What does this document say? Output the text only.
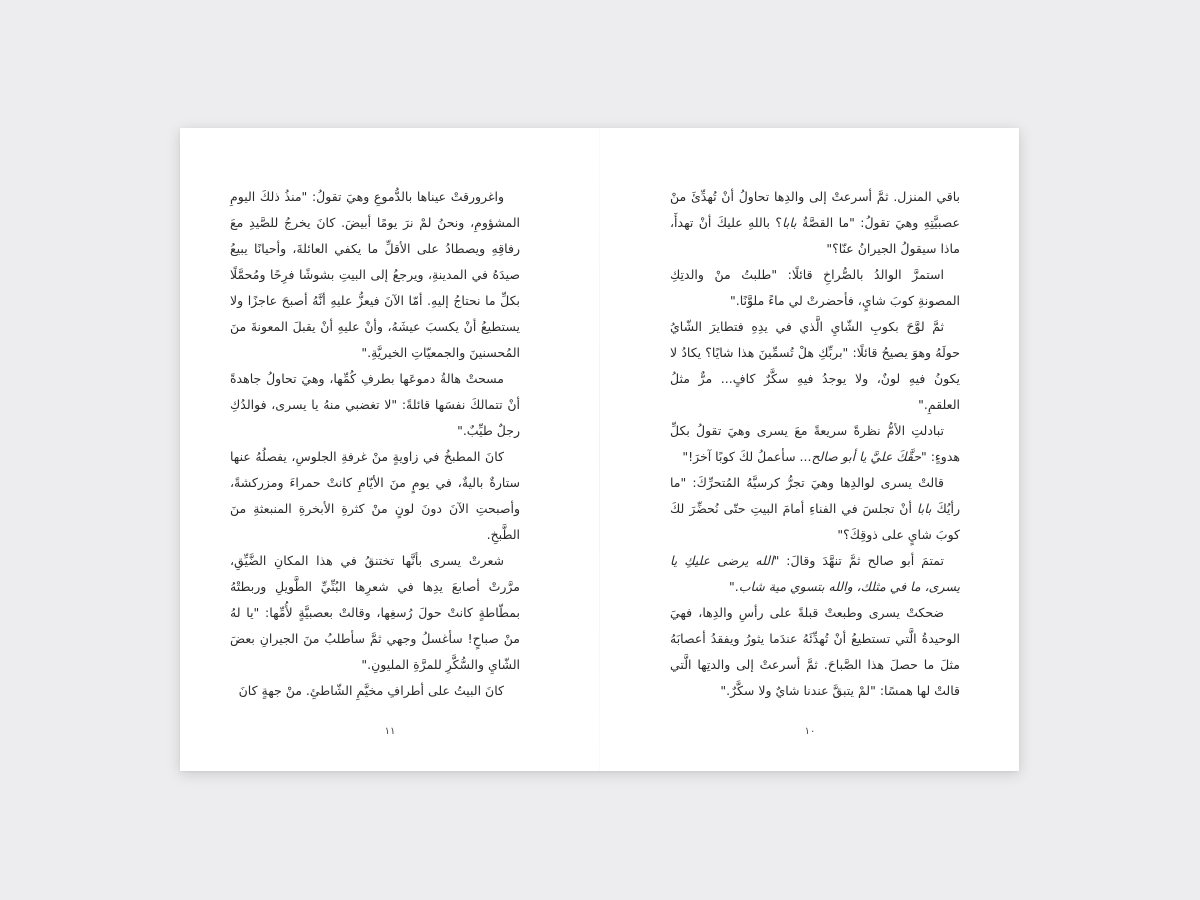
واغرورقتْ عيناها بالدُّموعِ وهيَ تقولُ: "منذُ ذلكَ اليومِ المشؤومِ، ونحنُ لمْ نرَ يومًا أبيضَ. كانَ يخرجُ للصَّيدِ معَ رفاقِهِ ويصطادُ على الأقلِّ ما يكفي العائلةَ، وأحيانًا يبيعُ صيدَهُ في المدينةِ، ويرجعُ إلى البيتِ بشوشًا فرِحًا ومُحمَّلًا بكلِّ ما نحتاجُ إليهِ. أمّا الآنَ فيعزُّ عليهِ أنَّهُ أصبحَ عاجزًا ولا يستطيعُ أنْ يكسبَ عيشَهُ، وأنْ عليهِ أنْ يقبلَ المعونةَ منَ المُحسنينَ والجمعيّاتِ الخيريَّةِ."

مسحتْ هالةُ دموعَها بطرفِ كُمِّها، وهيَ تحاولُ جاهدةً أنْ تتمالكَ نفسَها قائلةً: "لا تغضبي منهُ يا يسرى، فوالدُكِ رجلٌ طيِّبٌ."

كانَ المطبخُ في زاويةٍ منْ غرفةِ الجلوسِ، يفصلُهُ عنها ستارةٌ باليةٌ، في يومٍ منَ الأيّامِ كانتْ حمراءَ ومزركشةً، وأصبحتِ الآنَ دونَ لونٍ منْ كثرةِ الأبخرةِ المنبعثةِ منَ الطَّبخِ.

شعرتْ يسرى بأنَّها تختنقُ في هذا المكانِ الضَّيِّقِ، مرَّرتْ أصابعَ يدِها في شعرِها البُنِّيِّ الطَّويلِ وربطتْهُ بمطّاطةٍ كانتْ حولَ رُسغِها، وقالتْ بعصبيَّةٍ لأُمِّها: "يا لهُ منْ صباحٍ! سأغسلُ وجهي ثمَّ سأطلبُ منَ الجيرانِ بعضَ الشّايِ والسُّكَّرِ للمرَّةِ المليونِ."

كانَ البيتُ على أطرافِ مخيَّمِ الشّاطئِ. منْ جهةٍ كانَ

باقي المنزل. ثمَّ أسرعتْ إلى والدِها تحاولُ أنْ تُهدِّئَ منْ عصبيَّتِهِ وهيَ تقولُ: "ما القصَّةُ بابا؟ باللهِ عليكَ أنْ تهدأَ، ماذا سيقولُ الجيرانُ عنّا؟"

استمرَّ الوالدُ بالصُّراخِ قائلًا: "طلبتُ منْ والدتِكِ المصونةِ كوبَ شايٍ، فأحضرتْ لي ماءً ملوَّنًا."

ثمَّ لوَّحَ بكوبِ الشّايِ الَّذي في يدِهِ فتطايرَ الشّايُ حولَهُ وهوَ يصيحُ قائلًا: "بربِّكِ هلْ تُسمِّينَ هذا شايًا؟ يكادُ لا يكونُ فيهِ لونٌ، ولا يوجدُ فيهِ سكَّرٌ كافٍ... مرٌّ مثلُ العلقمِ."

تبادلتِ الأمُّ نظرةً سريعةً معَ يسرى وهيَ تقولُ بكلِّ هدوءٍ: "حقَّكَ عليَّ يا أبو صالح... سأعملُ لكَ كوبًا آخرَ!"

قالتْ يسرى لوالدِها وهيَ تجرُّ كرسيَّهُ المُتحرِّكَ: "ما رأيُكَ بابا أنْ تجلسَ في الفناءِ أمامَ البيتِ حتّى نُحضِّرَ لكَ كوبَ شايٍ على ذوقِكَ؟"

تمتمَ أبو صالح ثمَّ تنهَّدَ وقالَ: "الله يرضى عليكِ يا يسرى، ما في مثلك، والله بتسوي مية شاب."

ضحكتْ يسرى وطبعتْ قبلةً على رأسِ والدِها، فهيَ الوحيدةُ الَّتي تستطيعُ أنْ تُهدِّئَهُ عندَما يثورُ ويفقدُ أعصابَهُ مثلَ ما حصلَ هذا الصَّباحَ. ثمَّ أسرعتْ إلى والدتِها الَّتي قالتْ لها همسًا: "لمْ يتبقَّ عندنا شايٌ ولا سكَّرٌ."

١١	١٠
